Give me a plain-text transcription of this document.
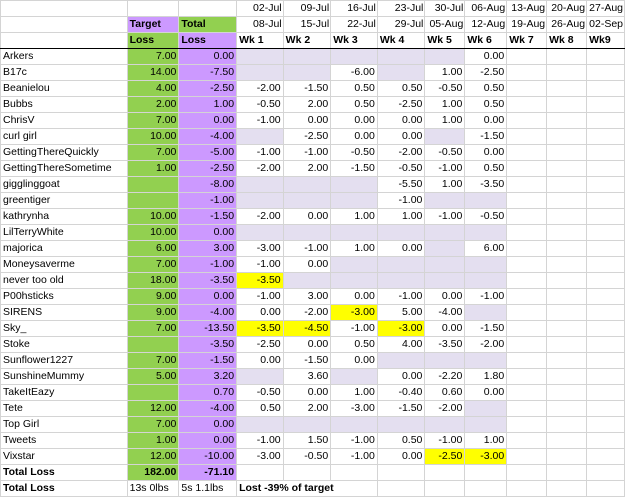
			02-Jul	09-Jul	16-Jul	23-Jul	30-Jul	06-Aug	13-Aug	20-Aug	27-Aug
	Target	Total	08-Jul	15-Jul	22-Jul	29-Jul	05-Aug	12-Aug	19-Aug	26-Aug	02-Sep
	Loss	Loss	Wk 1	Wk 2	Wk 3	Wk 4	Wk 5	Wk 6	Wk 7	Wk 8	Wk9
Arkers	7.00	0.00						0.00			
B17c	14.00	-7.50			-6.00		1.00	-2.50			
Beanielou	4.00	-2.50	-2.00	-1.50	0.50	0.50	-0.50	0.50			
Bubbs	2.00	1.00	-0.50	2.00	0.50	-2.50	1.00	0.50			
ChrisV	7.00	0.00	-1.00	0.00	0.00	0.00	1.00	0.00			
curl girl	10.00	-4.00		-2.50	0.00	0.00		-1.50			
GettingThereQuickly	7.00	-5.00	-1.00	-1.00	-0.50	-2.00	-0.50	0.00			
GettingThereSometime	1.00	-2.50	-2.00	2.00	-1.50	-0.50	-1.00	0.50			
gigglinggoat		-8.00				-5.50	1.00	-3.50			
greentiger		-1.00				-1.00					
kathrynha	10.00	-1.50	-2.00	0.00	1.00	1.00	-1.00	-0.50			
LilTerryWhite	10.00	0.00									
majorica	6.00	3.00	-3.00	-1.00	1.00	0.00		6.00			
Moneysaverme	7.00	-1.00	-1.00	0.00							
never too old	18.00	-3.50	-3.50								
P00hsticks	9.00	0.00	-1.00	3.00	0.00	-1.00	0.00	-1.00			
SIRENS	9.00	-4.00	0.00	-2.00	-3.00	5.00	-4.00				
Sky_	7.00	-13.50	-3.50	-4.50	-1.00	-3.00	0.00	-1.50			
Stoke		-3.50	-2.50	0.00	0.50	4.00	-3.50	-2.00			
Sunflower1227	7.00	-1.50	0.00	-1.50	0.00						
SunshineMummy	5.00	3.20		3.60		0.00	-2.20	1.80			
TakeItEazy		0.70	-0.50	0.00	1.00	-0.40	0.60	0.00			
Tete	12.00	-4.00	0.50	2.00	-3.00	-1.50	-2.00				
Top Girl	7.00	0.00									
Tweets	1.00	0.00	-1.00	1.50	-1.00	0.50	-1.00	1.00			
Vixstar	12.00	-10.00	-3.00	-0.50	-1.00	0.00	-2.50	-3.00			
Total Loss	182.00	-71.10									
Total Loss	13s 0lbs	5s 1.1lbs	Lost -39% of target								
